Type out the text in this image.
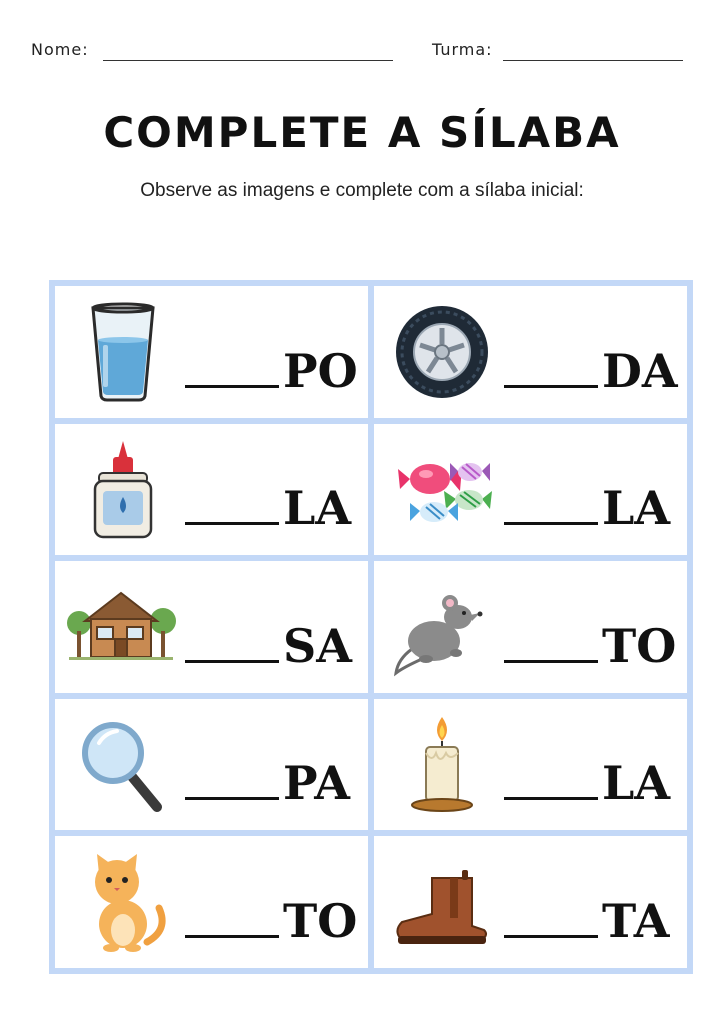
Nome:	Turma:
COMPLETE A SÍLABA
Observe as imagens e complete com a sílaba inicial:
PO	DA
LA	LA
SA	TO
PA	LA
TO	TA
